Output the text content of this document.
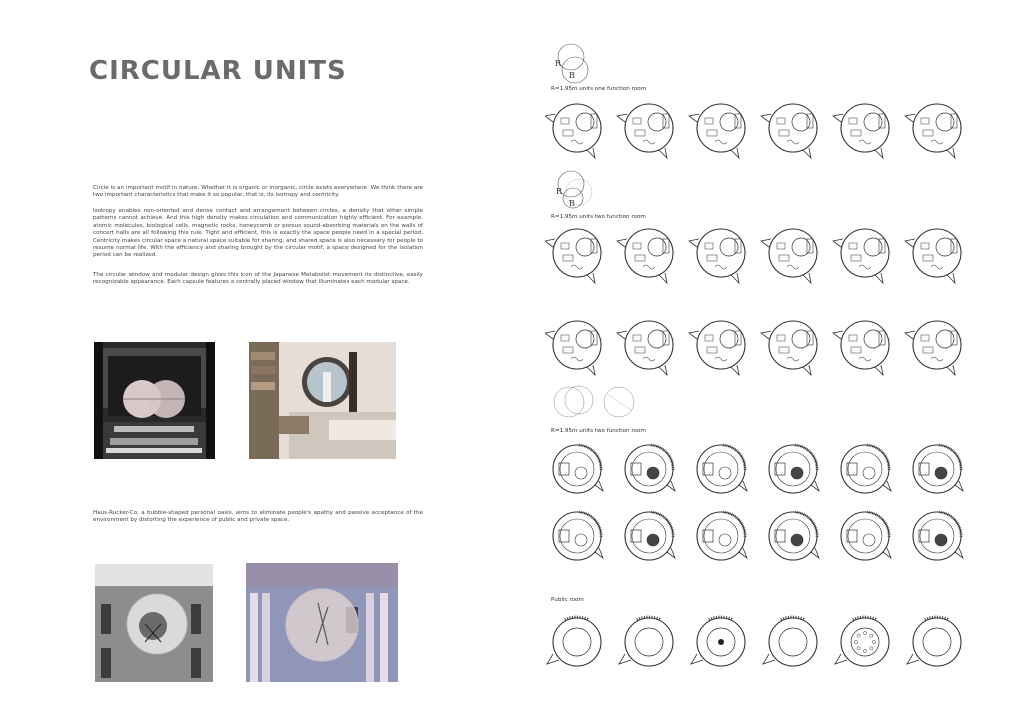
CIRCULAR UNITS

Circle is an important motif in nature. Whether it is organic or inorganic, circle exists everywhere. We think there are two important characteristics that make it so popular, that is, its isotropy and centricity.

Isotropy enables non-oriented and dense contact and arrangement between circles, a density that other simple patterns cannot achieve. And this high density makes circulation and communication highly efficient. For example, atomic molecules, biological cells, magnetic rocks, honeycomb or porous sound-absorbing materials on the walls of concert halls are all following this rule. Tight and efficient, this is exactly the space people need in a special period. Centricity makes circular space a natural space suitable for sharing, and shared space is also necessary for people to resume normal life. With the efficiency and sharing brought by the circular motif, a space designed for the isolation period can be realized.

The circular window and modular design gives this icon of the Japanese Metabolist movement its distinctive, easily recognizable appearance. Each capsule features a centrally placed window that illuminates each modular space.

Haus-Rucker-Co, a bubble-shaped personal oasis, aims to aliminate people's apathy and passive acceptance of the environment by distorting the experience of public and private space.

R
B
R
B
R=1.95m units one function room
R=1.95m units two function room
R=1.95m units two function room
Public room
